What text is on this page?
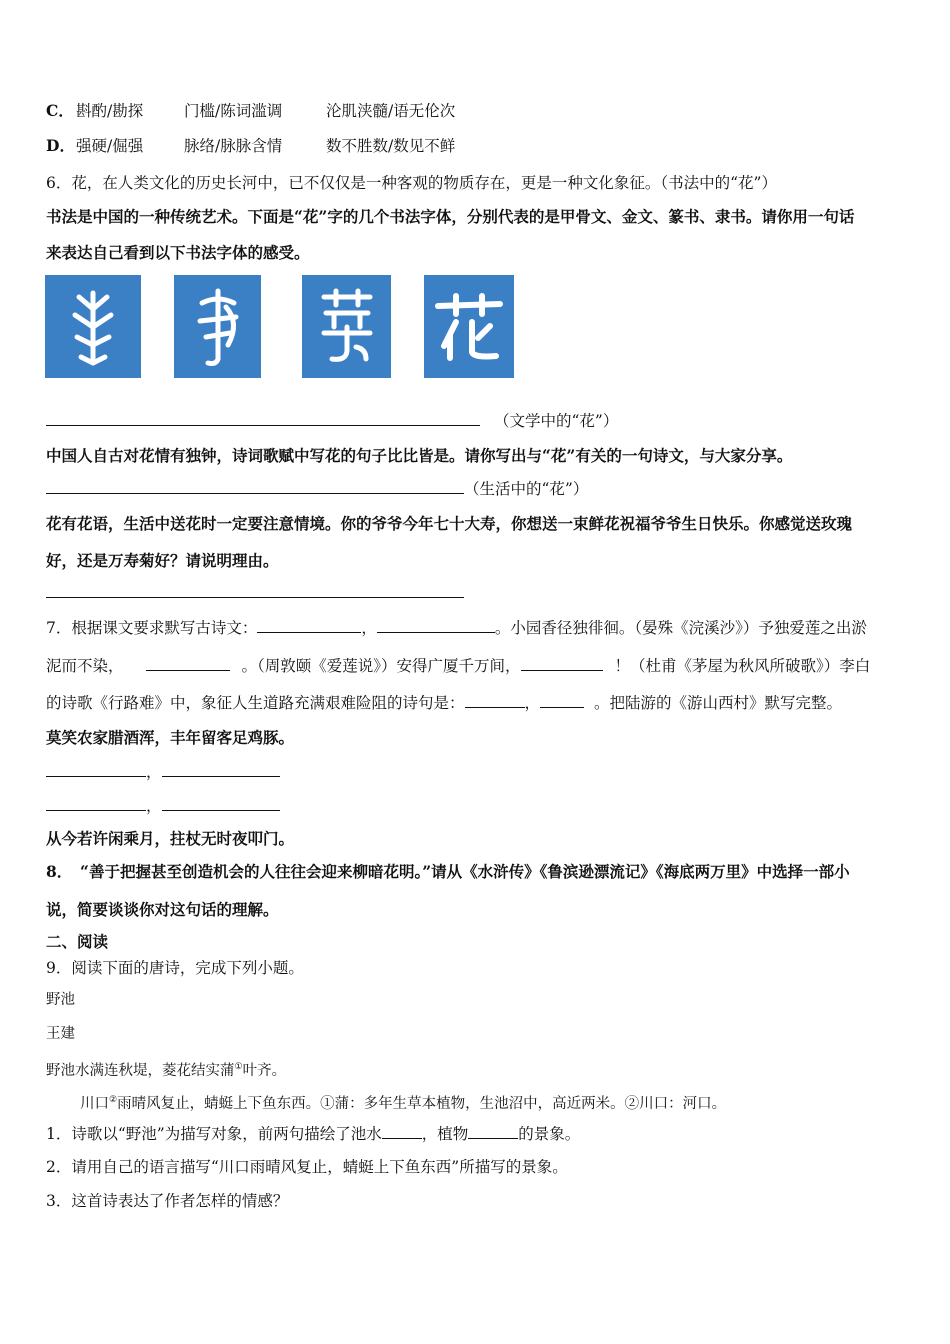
C． 斟酌/勘探	门槛/陈词滥调	沦肌浃髓/语无伦次
D．强硬/倔强	脉络/脉脉含情	数不胜数/数见不鲜
6．花，在人类文化的历史长河中，已不仅仅是一种客观的物质存在，更是一种文化象征。（书法中的“花”）
书法是中国的一种传统艺术。下面是“花”字的几个书法字体，分别代表的是甲骨文、金文、篆书、隶书。请你用一句话
来表达自己看到以下书法字体的感受。
（文学中的“花”）
中国人自古对花情有独钟，诗词歌赋中写花的句子比比皆是。请你写出与“花”有关的一句诗文，与大家分享。
（生活中的“花”）
花有花语，生活中送花时一定要注意情境。你的爷爷今年七十大寿，你想送一束鲜花祝福爷爷生日快乐。你感觉送玫瑰
好，还是万寿菊好？请说明理由。
7．根据课文要求默写古诗文：	，	。小园香径独徘徊。（晏殊《浣溪沙》）予独爱莲之出淤
泥而不染，	。（周敦颐《爱莲说》）安得广厦千万间，	！（杜甫《茅屋为秋风所破歌》）李白
的诗歌《行路难》中，象征人生道路充满艰难险阻的诗句是：	，	。把陆游的《游山西村》默写完整。
莫笑农家腊酒浑，丰年留客足鸡豚。
，
，
从今若许闲乘月，拄杖无时夜叩门。
8．　“善于把握甚至创造机会的人往往会迎来柳暗花明。”请从《水浒传》《鲁滨逊漂流记》《海底两万里》中选择一部小
说，简要谈谈你对这句话的理解。
二、阅读
9．阅读下面的唐诗，完成下列小题。
野池
王建
野池水满连秋堤，菱花结实蒲①叶齐。
川口②雨晴风复止，蜻蜓上下鱼东西。①蒲：多年生草本植物，生池沼中，高近两米。②川口：河口。
1．诗歌以“野池”为描写对象，前两句描绘了池水	，植物	的景象。
2．请用自己的语言描写“川口雨晴风复止，蜻蜓上下鱼东西”所描写的景象。
3．这首诗表达了作者怎样的情感？
